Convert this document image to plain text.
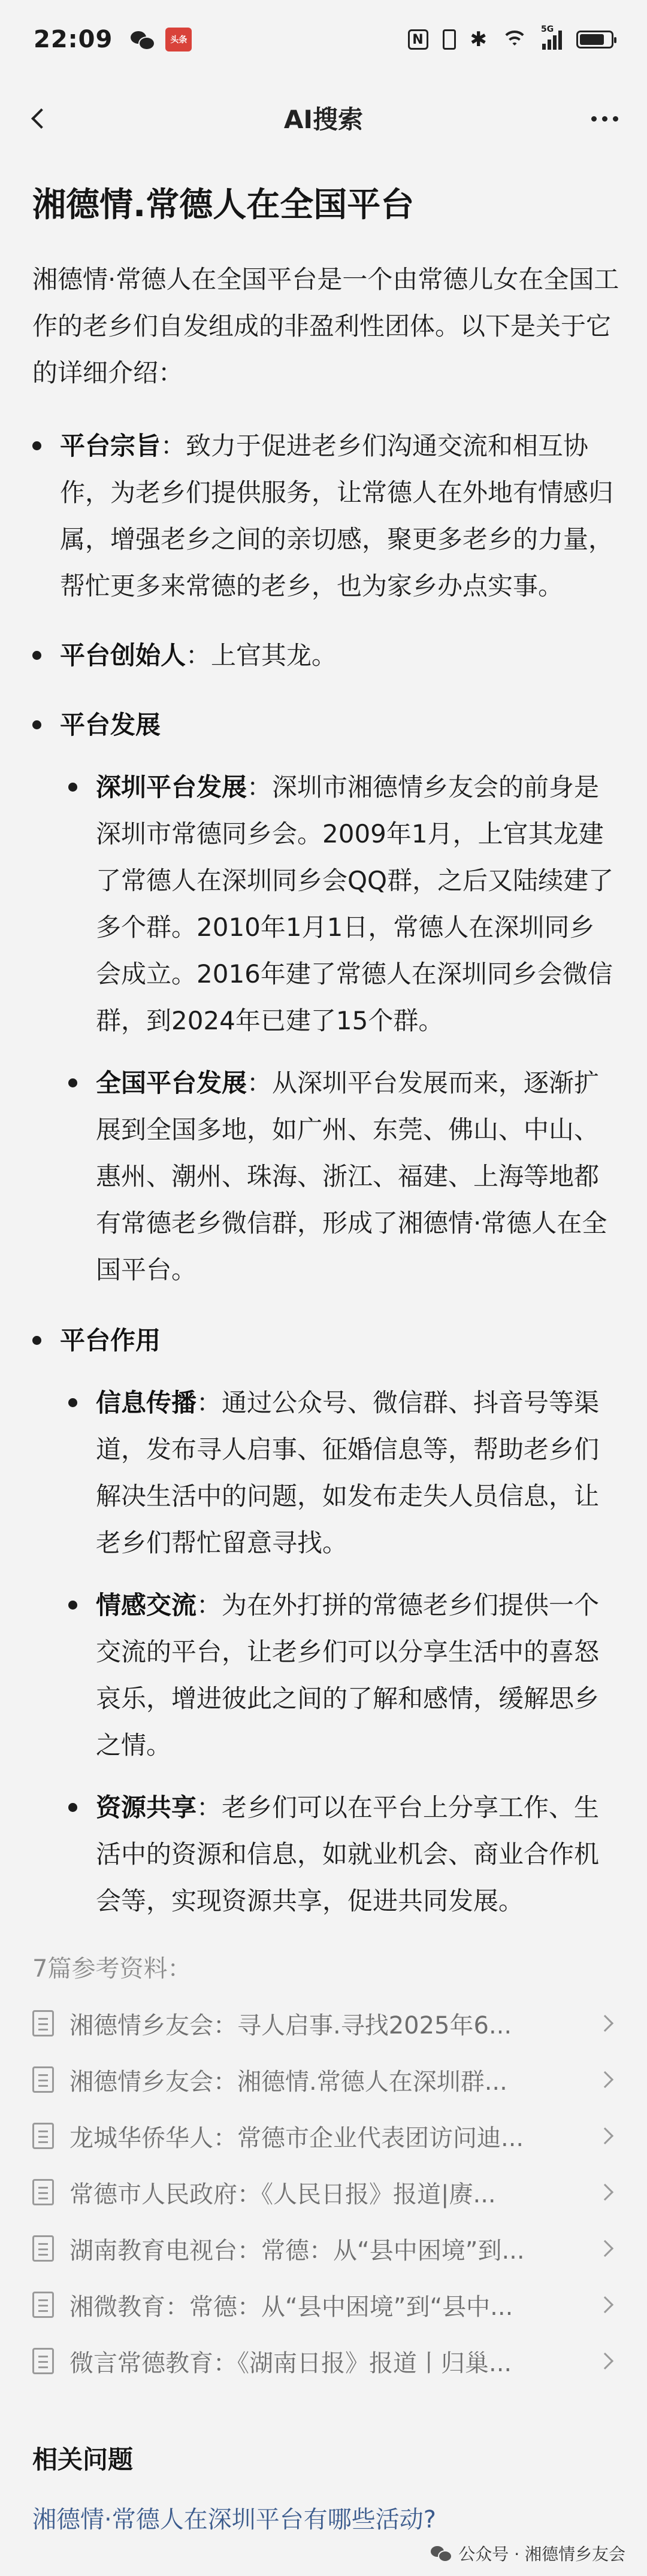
22:09	头条	N ✱	5G
AI搜索
湘德情.常德人在全国平台

湘德情·常德人在全国平台是一个由常德儿女在全国工作的老乡们自发组成的非盈利性团体。以下是关于它的详细介绍：

平台宗旨：致力于促进老乡们沟通交流和相互协作，为老乡们提供服务，让常德人在外地有情感归属，增强老乡之间的亲切感，聚更多老乡的力量，帮忙更多来常德的老乡，也为家乡办点实事。
平台创始人：上官其龙。
平台发展
深圳平台发展：深圳市湘德情乡友会的前身是深圳市常德同乡会。2009年1月，上官其龙建了常德人在深圳同乡会QQ群，之后又陆续建了多个群。2010年1月1日，常德人在深圳同乡会成立。2016年建了常德人在深圳同乡会微信群，到2024年已建了15个群。
全国平台发展：从深圳平台发展而来，逐渐扩展到全国多地，如广州、东莞、佛山、中山、惠州、潮州、珠海、浙江、福建、上海等地都有常德老乡微信群，形成了湘德情·常德人在全国平台。
平台作用
信息传播：通过公众号、微信群、抖音号等渠道，发布寻人启事、征婚信息等，帮助老乡们解决生活中的问题，如发布走失人员信息，让老乡们帮忙留意寻找。
情感交流：为在外打拼的常德老乡们提供一个交流的平台，让老乡们可以分享生活中的喜怒哀乐，增进彼此之间的了解和感情，缓解思乡之情。
资源共享：老乡们可以在平台上分享工作、生活中的资源和信息，如就业机会、商业合作机会等，实现资源共享，促进共同发展。
7篇参考资料：
湘德情乡友会：寻人启事.寻找2025年6...
湘德情乡友会：湘德情.常德人在深圳群...
龙城华侨华人：常德市企业代表团访问迪...
常德市人民政府：《人民日报》报道|赓...
湖南教育电视台：常德：从“县中困境”到...
湘微教育：常德：从“县中困境”到“县中...
微言常德教育：《湖南日报》报道丨归巢...
相关问题
湘德情·常德人在深圳平台有哪些活动?
公众号 · 湘德情乡友会
